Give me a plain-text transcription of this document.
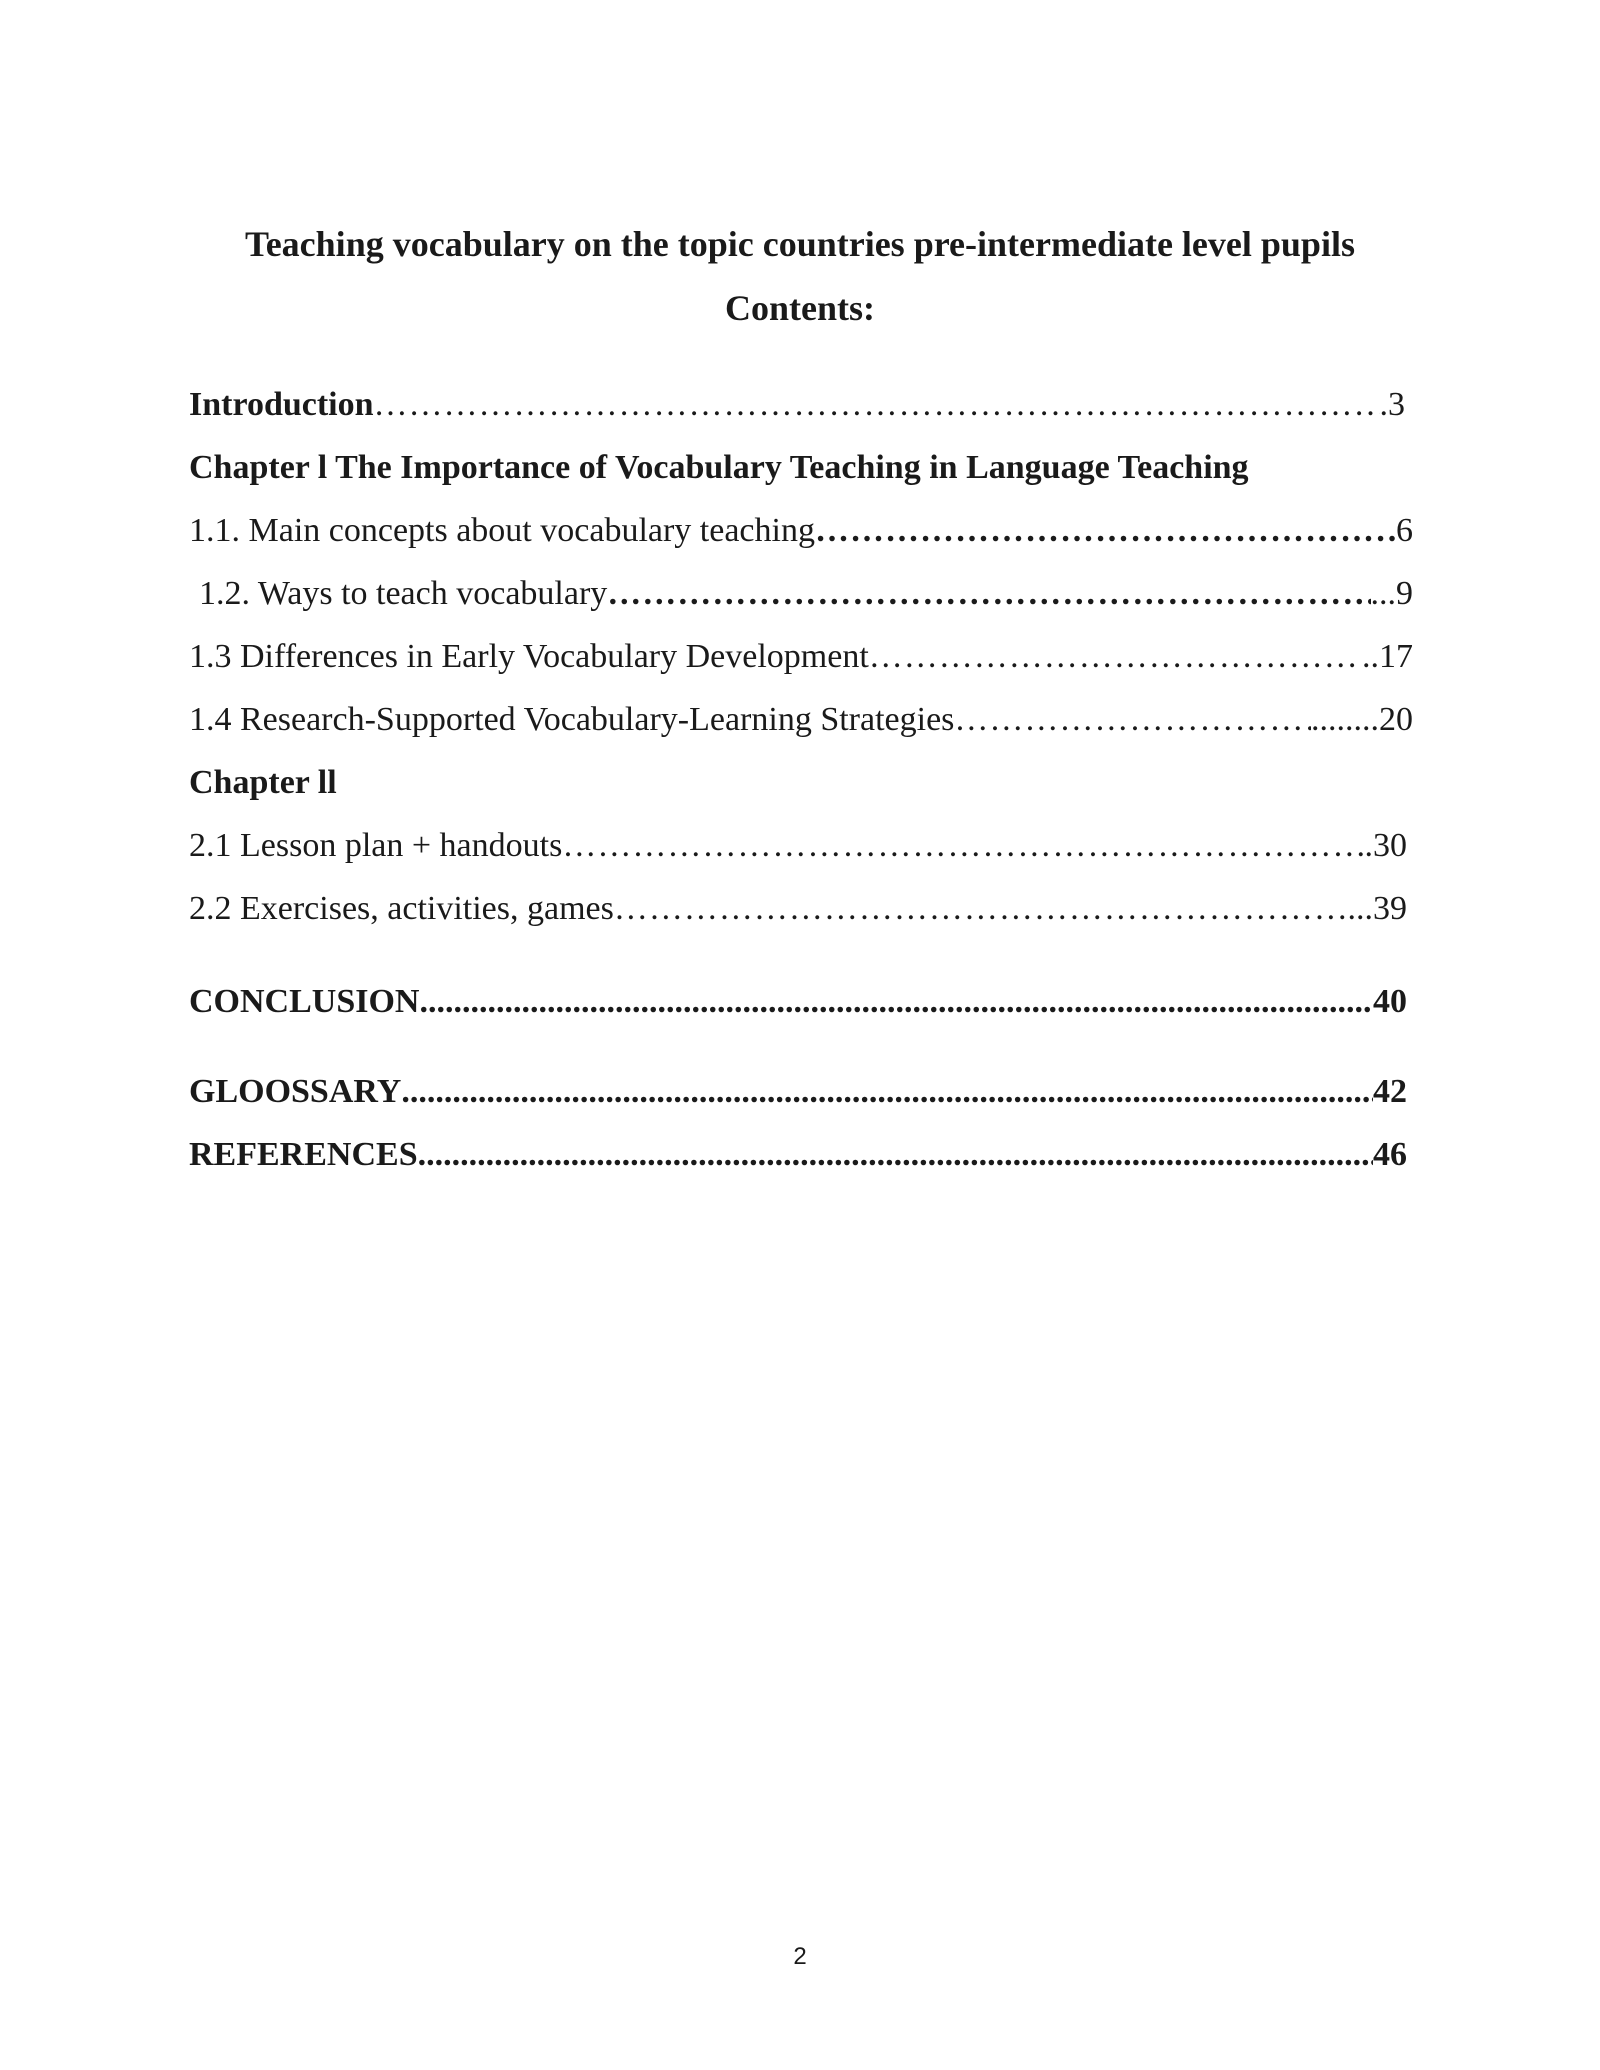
Teaching vocabulary on the topic countries pre-intermediate level pupils
Contents:
Introduction …………………………………………………………………………………………………………………………………………………………………………………	.3
Chapter l The Importance of Vocabulary Teaching in Language Teaching
1.1. Main concepts about vocabulary teaching …………………………………………………………………………………………………………………………………………………………………………………	6
1.2. Ways to teach vocabulary …………………………………………………………………………………………………………………………………………………………………………………	...9
1.3 Differences in Early Vocabulary Development …………………………………………………………………………………………………………………………………………………………………………………	..17
1.4 Research-Supported Vocabulary-Learning Strategies …………………………………………………………………………………………………………………………………………………………………………………	........20
Chapter ll
2.1 Lesson plan + handouts …………………………………………………………………………………………………………………………………………………………………………………	.30
2.2 Exercises, activities, games …………………………………………………………………………………………………………………………………………………………………………………	...39
CONCLUSION .....	40
GLOOSSARY .....	42
REFERENCES .....	46
2
